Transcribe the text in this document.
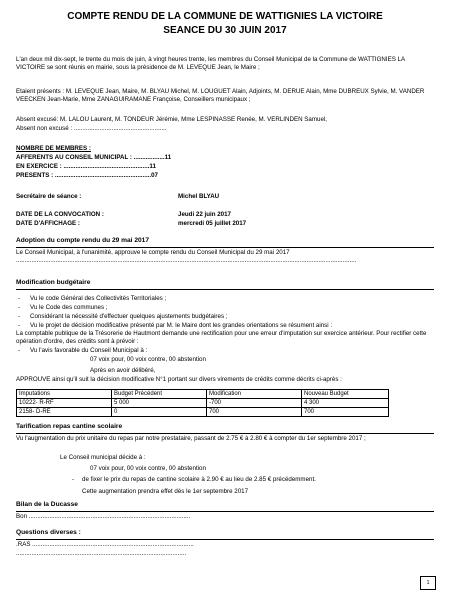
COMPTE RENDU DE LA COMMUNE DE WATTIGNIES LA VICTOIRE
SEANCE DU 30 JUIN 2017
L'an deux mil dix-sept, le trente du mois de juin, à vingt heures trente, les membres du Conseil Municipal de la Commune de WATTIGNIES LA VICTOIRE se sont réunis en mairie, sous la présidence de M. LEVEQUE Jean, le Maire ;
Etaient présents : M. LEVEQUE Jean, Maire, M. BLYAU Michel, M. LOUGUET Alain, Adjoints, M. DERUE Alain, Mme DUBREUX Sylvie, M. VANDER VEECKEN Jean-Marie, Mme ZANAGUIRAMANE Françoise, Conseillers municipaux ;
Absent excusé: M. LALOU Laurent, M. TONDEUR Jérémie, Mme LESPINASSE Renée, M. VERLINDEN Samuel,
Absent non excusé : ......................................................
NOMBRE DE MEMBRES :
AFFERENTS AU CONSEIL MUNICIPAL : ..................11
EN EXERCICE : ..................................................11
PRESENTS : ........................................................07
Secrétaire de séance :	Michel BLYAU
DATE DE LA CONVOCATION :	Jeudi 22 juin 2017
DATE D'AFFICHAGE :	mercredi 05 juillet 2017
Adoption du compte rendu du 29 mai 2017
Le Conseil Municipal, à l'unanimité, approuve le compte rendu du Conseil Municipal du 29 mai 2017
......................................................................................................................................................................................................
Modification budgétaire
- Vu le code Général des Collectivités Territoriales ;
- Vu le Code des communes ;
- Considérant la nécessité d'effectuer quelques ajustements budgétaires ;
- Vu le projet de décision modificative présenté par M. le Maire dont les grandes orientations se résument ainsi :
La comptable publique de la Trésorerie de Hautmont demande une rectification pour une erreur d'imputation sur exercice antérieur. Pour rectifier cette opération d'ordre, des crédits sont à prévoir :
- Vu l'avis favorable du Conseil Municipal à :
07 voix pour, 00 voix contre, 00 abstention
Après en avoir délibéré,
APPROUVE ainsi qu'il suit la décision modificative N°1 portant sur divers virements de crédits comme décrits ci-après :
Imputations	Budget Précédent	Modification	Nouveau Budget
10222- R-RF	5 000	-700	4 300
2158- D-RE	0	700	700
Tarification repas cantine scolaire
Vu l'augmentation du prix unitaire du repas par notre prestataire, passant de 2.75 € à 2.80 € à compter du 1er septembre 2017 ;
Le Conseil municipal décide à :
07 voix pour, 00 voix contre, 00 abstention
- de fixer le prix du repas de cantine scolaire à 2.90 € au lieu de 2.85 € précédemment.
Cette augmentation prendra effet dès le 1er septembre 2017
Bilan de la Ducasse
Bon ..............................................................................................
Questions diverses :
.RAS ..............................................................................................
...................................................................................................
1
